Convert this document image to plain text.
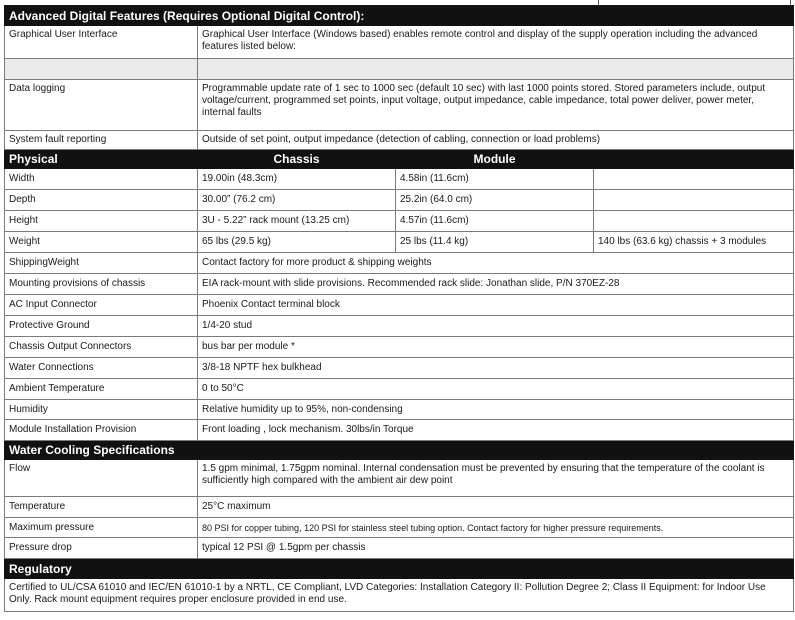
Advanced Digital Features (Requires Optional Digital Control):			
Graphical User Interface	Graphical User Interface (Windows based) enables remote control and display of the supply operation including the advanced features listed below:		

Data logging	Programmable update rate of 1 sec to 1000 sec (default 10 sec) with last 1000 points stored. Stored parameters include, output voltage/current, programmed set points, input voltage, output impedance, cable impedance, total power deliver, power meter, internal faults		
System fault reporting	Outside of set point, output impedance (detection of cabling, connection or load problems)		
Physical	Chassis	Module	
Width	19.00in (48.3cm)	4.58in (11.6cm)	
Depth	30.00” (76.2 cm)	25.2in (64.0 cm)	
Height	3U - 5.22” rack mount (13.25 cm)	4.57in (11.6cm)	
Weight	65 lbs (29.5 kg)	25 lbs (11.4 kg)	140 lbs (63.6 kg) chassis + 3 modules
ShippingWeight	Contact factory for more product & shipping weights		
Mounting provisions of chassis	EIA rack-mount with slide provisions. Recommended rack slide: Jonathan slide, P/N 370EZ-28		
AC Input Connector	Phoenix Contact terminal block		
Protective Ground	1/4-20 stud		
Chassis Output Connectors	bus bar per module *		
Water Connections	3/8-18 NPTF hex bulkhead		
Ambient Temperature	0 to 50°C		
Humidity	Relative humidity up to 95%, non-condensing		
Module Installation Provision	Front loading , lock mechanism. 30lbs/in Torque		
Water Cooling Specifications			
Flow	1.5 gpm minimal, 1.75gpm nominal. Internal condensation must be prevented by ensuring that the temperature of the coolant is sufficiently high compared with the ambient air dew point		
Temperature	25°C maximum		
Maximum pressure	80 PSI for copper tubing, 120 PSI for stainless steel tubing option. Contact factory for higher pressure requirements.		
Pressure drop	typical 12 PSI @ 1.5gpm per chassis		
Regulatory			
Certified to UL/CSA 61010 and IEC/EN 61010-1 by a NRTL, CE Compliant, LVD Categories: Installation Category II: Pollution Degree 2; Class II Equipment: for Indoor Use Only. Rack mount equipment requires proper enclosure provided in end use.			
